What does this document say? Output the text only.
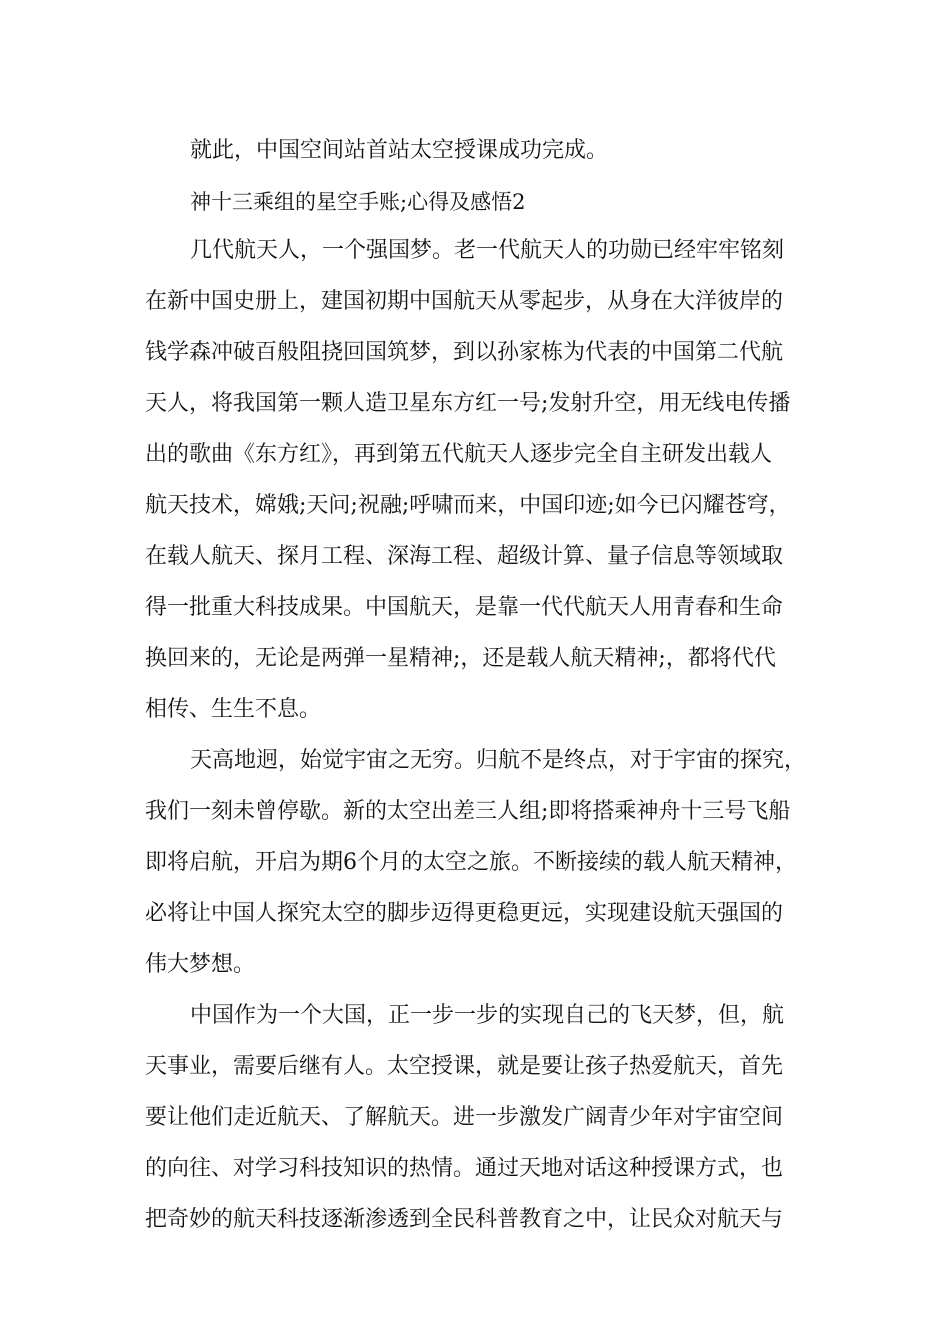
就此，中国空间站首站太空授课成功完成。
神十三乘组的星空手账;心得及感悟2
几代航天人，一个强国梦。老一代航天人的功勋已经牢牢铭刻
在新中国史册上，建国初期中国航天从零起步，从身在大洋彼岸的
钱学森冲破百般阻挠回国筑梦，到以孙家栋为代表的中国第二代航
天人，将我国第一颗人造卫星东方红一号;发射升空，用无线电传播
出的歌曲《东方红》，再到第五代航天人逐步完全自主研发出载人
航天技术，嫦娥;天问;祝融;呼啸而来，中国印迹;如今已闪耀苍穹，
在载人航天、探月工程、深海工程、超级计算、量子信息等领域取
得一批重大科技成果。中国航天，是靠一代代航天人用青春和生命
换回来的，无论是两弹一星精神;，还是载人航天精神;，都将代代
相传、生生不息。
天高地迥，始觉宇宙之无穷。归航不是终点，对于宇宙的探究，
我们一刻未曾停歇。新的太空出差三人组;即将搭乘神舟十三号飞船
即将启航，开启为期6个月的太空之旅。不断接续的载人航天精神，
必将让中国人探究太空的脚步迈得更稳更远，实现建设航天强国的
伟大梦想。
中国作为一个大国，正一步一步的实现自己的飞天梦，但，航
天事业，需要后继有人。太空授课，就是要让孩子热爱航天，首先
要让他们走近航天、了解航天。进一步激发广阔青少年对宇宙空间
的向往、对学习科技知识的热情。通过天地对话这种授课方式，也
把奇妙的航天科技逐渐渗透到全民科普教育之中，让民众对航天与
